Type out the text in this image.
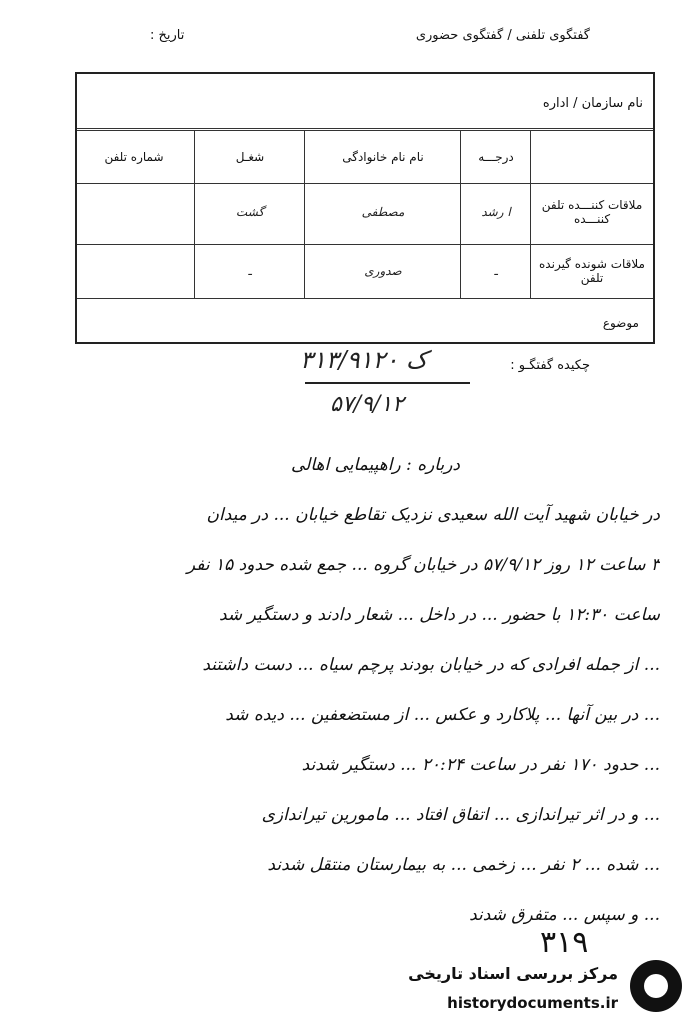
گفتگوی تلفنی / گفتگوی حضوری
تاریخ :
نام سازمان / اداره
درجـــه
نام نام خانوادگی
شغـل
شماره تلفن
ملاقات کننـــده تلفن کننـــده
ا رشد
مصطفی
گشت
ملاقات شونده گیرنده تلفن
ـ
صدوری
ـ
موضوع
چکیده گفتگـو :
۳۱۳/۹۱۲۰ ک
۵۷/۹/۱۲
درباره : راهپیمایی اهالی
در خیابان شهید آیت الله سعیدی نزدیک تقاطع خیابان ... در میدان
۳ ساعت ۱۲ روز ۵۷/۹/۱۲ در خیابان گروه ... جمع شده حدود ۱۵ نفر
ساعت ۱۲:۳۰ با حضور ... در داخل ... شعار دادند و دستگیر شد
... از جمله افرادی که در خیابان بودند پرچم سیاه ... دست داشتند
... در بین آنها ... پلاکارد و عکس ... از مستضعفین ... دیده شد
... حدود ۱۷۰ نفر در ساعت ۲۰:۲۴ ... دستگیر شدند
... و در اثر تیراندازی ... اتفاق افتاد ... مامورین تیراندازی
... شده ... ۲ نفر ... زخمی ... به بیمارستان منتقل شدند
... و سپس ... متفرق شدند
۳۱۹
مرکز بررسی اسناد تاریخی
historydocuments.ir
